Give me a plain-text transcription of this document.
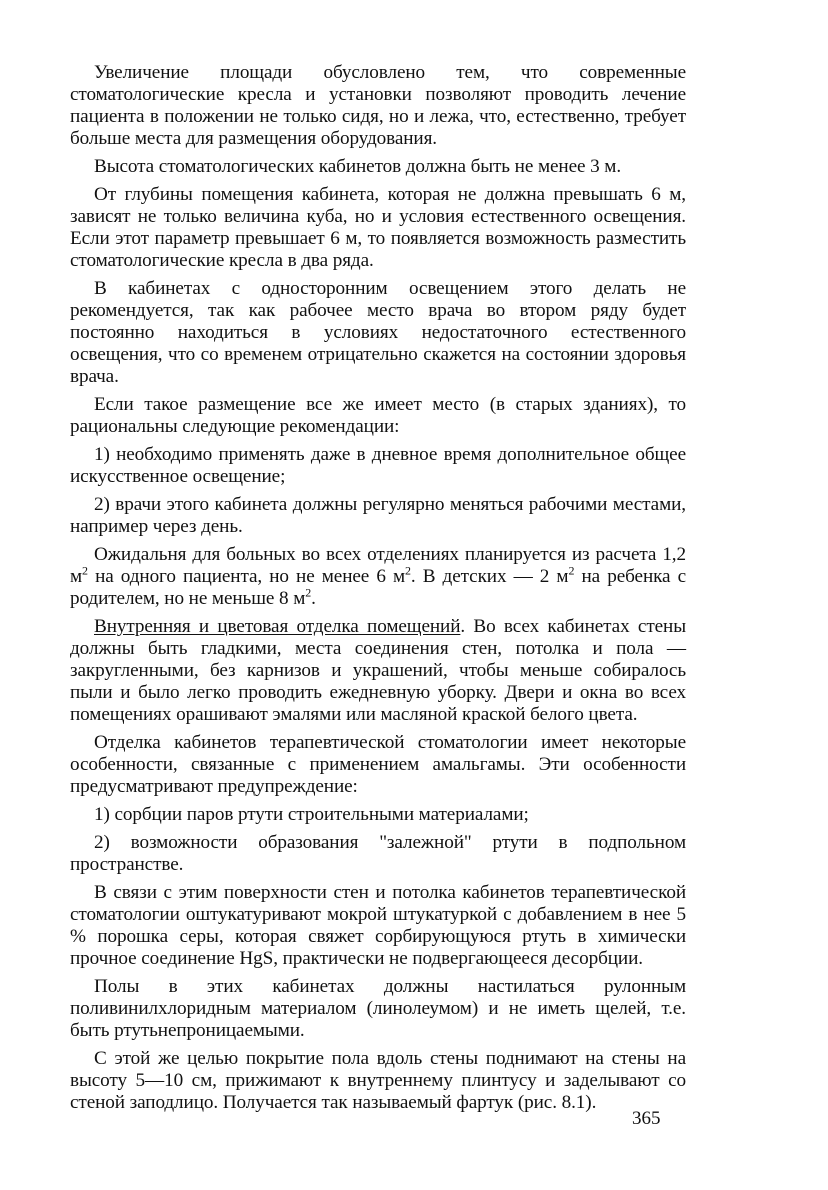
Увеличение площади обусловлено тем, что современные стоматологические кресла и установки позволяют проводить лечение пациента в положении не только сидя, но и лежа, что, естественно, требует больше места для размещения оборудования.

Высота стоматологических кабинетов должна быть не менее 3 м.

От глубины помещения кабинета, которая не должна превышать 6 м, зависят не только величина куба, но и условия естественного освещения. Если этот параметр превышает 6 м, то появляется возможность разместить стоматологические кресла в два ряда.

В кабинетах с односторонним освещением этого делать не рекомендуется, так как рабочее место врача во втором ряду будет постоянно находиться в условиях недостаточного естественного освещения, что со временем отрицательно скажется на состоянии здоровья врача.

Если такое размещение все же имеет место (в старых зданиях), то рациональны следующие рекомендации:

1) необходимо применять даже в дневное время дополнительное общее искусственное освещение;

2) врачи этого кабинета должны регулярно меняться рабочими местами, например через день.

Ожидальня для больных во всех отделениях планируется из расчета 1,2 $м^2$ на одного пациента, но не менее 6 $м^2$. В детских — 2 $м^2$ на ребенка с родителем, но не меньше 8 $м^2$.

Внутренняя и цветовая отделка помещений. Во всех кабинетах стены должны быть гладкими, места соединения стен, потолка и пола — закругленными, без карнизов и украшений, чтобы меньше собиралось пыли и было легко проводить ежедневную уборку. Двери и окна во всех помещениях орашивают эмалями или масляной краской белого цвета.

Отделка кабинетов терапевтической стоматологии имеет некоторые особенности, связанные с применением амальгамы. Эти особенности предусматривают предупреждение:

1) сорбции паров ртути строительными материалами;

2) возможности образования "залежной" ртути в подпольном пространстве.

В связи с этим поверхности стен и потолка кабинетов терапевтической стоматологии оштукатуривают мокрой штукатуркой с добавлением в нее 5 % порошка серы, которая свяжет сорбирующуюся ртуть в химически прочное соединение HgS, практически не подвергающееся десорбции.

Полы в этих кабинетах должны настилаться рулонным поливинилхлоридным материалом (линолеумом) и не иметь щелей, т.е. быть ртутьнепроницаемыми.

С этой же целью покрытие пола вдоль стены поднимают на стены на высоту 5—10 см, прижимают к внутреннему плинтусу и заделывают со стеной заподлицо. Получается так называемый фартук (рис. 8.1).

365
